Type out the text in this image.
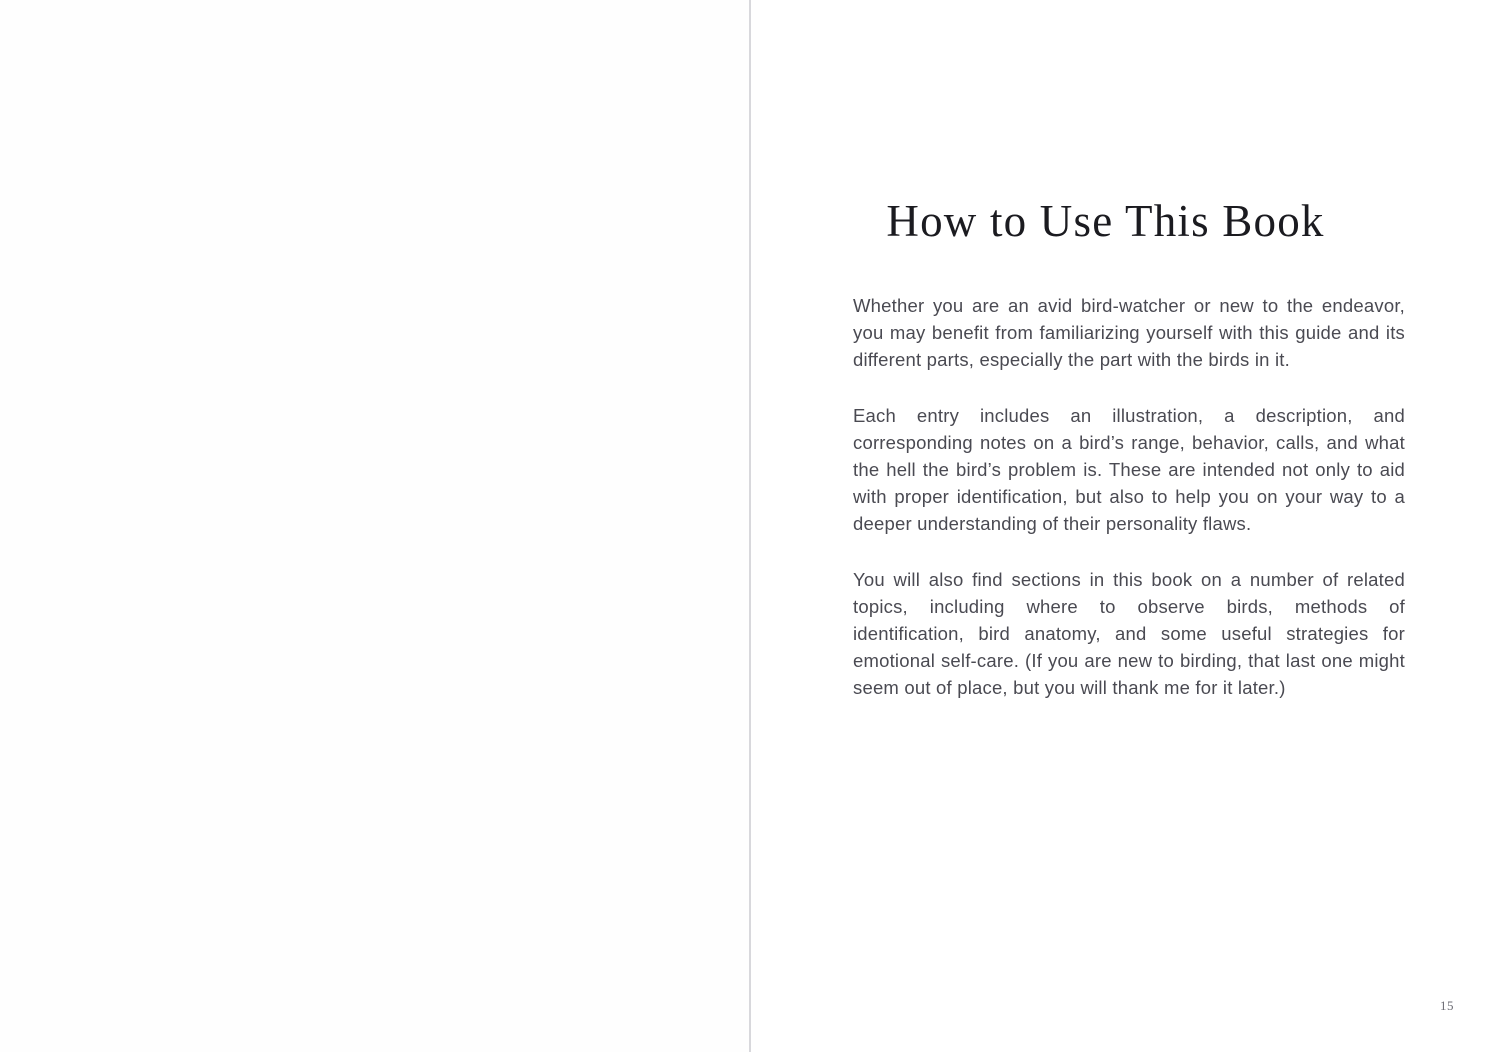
How to Use This Book

Whether you are an avid bird-watcher or new to the endeavor, you may benefit from familiarizing yourself with this guide and its different parts, especially the part with the birds in it.

Each entry includes an illustration, a description, and corresponding notes on a bird’s range, behavior, calls, and what the hell the bird’s problem is. These are intended not only to aid with proper identification, but also to help you on your way to a deeper understanding of their personality flaws.

You will also find sections in this book on a number of related topics, including where to observe birds, methods of identification, bird anatomy, and some useful strategies for emotional self-care. (If you are new to birding, that last one might seem out of place, but you will thank me for it later.)

15
